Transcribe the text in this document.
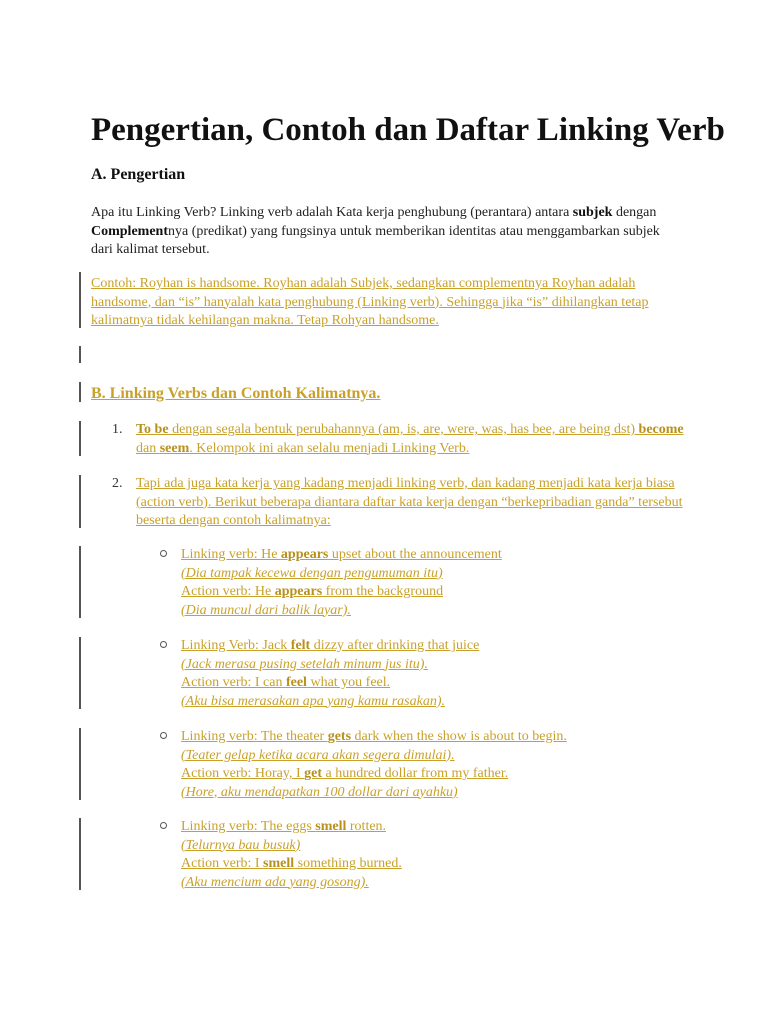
Pengertian, Contoh dan Daftar Linking Verb
A. Pengertian

Apa itu Linking Verb? Linking verb adalah Kata kerja penghubung (perantara) antara subjek dengan Complementnya (predikat) yang fungsinya untuk memberikan identitas atau menggambarkan subjek dari kalimat tersebut.

Contoh: Royhan is handsome. Royhan adalah Subjek, sedangkan complementnya Royhan adalah handsome, dan “is” hanyalah kata penghubung (Linking verb). Sehingga jika “is” dihilangkan tetap kalimatnya tidak kehilangan makna. Tetap Rohyan handsome.

B. Linking Verbs dan Contoh Kalimatnya.
1. To be dengan segala bentuk perubahannya (am, is, are, were, was, has bee, are being dst) become dan seem. Kelompok ini akan selalu menjadi Linking Verb.
2. Tapi ada juga kata kerja yang kadang menjadi linking verb, dan kadang menjadi kata kerja biasa (action verb). Berikut beberapa diantara daftar kata kerja dengan “berkepribadian ganda” tersebut beserta dengan contoh kalimatnya:
Linking verb: He appears upset about the announcement
(Dia tampak kecewa dengan pengumuman itu)
Action verb: He appears from the background
(Dia muncul dari balik layar).
Linking Verb: Jack felt dizzy after drinking that juice
(Jack merasa pusing setelah minum jus itu).
Action verb: I can feel what you feel.
(Aku bisa merasakan apa yang kamu rasakan).
Linking verb: The theater gets dark when the show is about to begin.
(Teater gelap ketika acara akan segera dimulai).
Action verb: Horay, I get a hundred dollar from my father.
(Hore, aku mendapatkan 100 dollar dari ayahku)
Linking verb: The eggs smell rotten.
(Telurnya bau busuk)
Action verb: I smell something burned.
(Aku mencium ada yang gosong).
